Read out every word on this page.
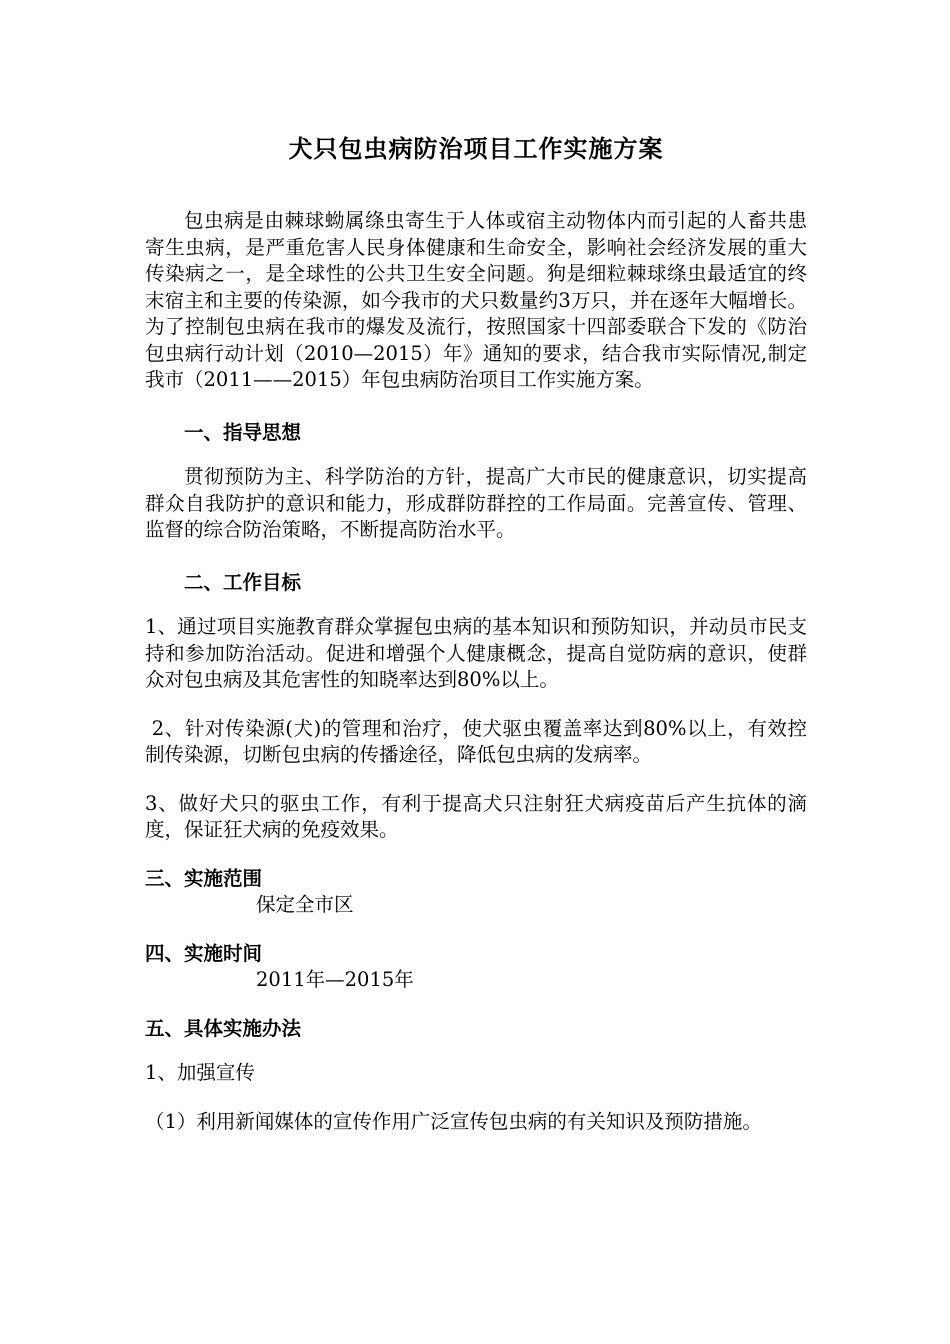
犬只包虫病防治项目工作实施方案

包虫病是由棘球蚴属绦虫寄生于人体或宿主动物体内而引起的人畜共患寄生虫病，是严重危害人民身体健康和生命安全，影响社会经济发展的重大传染病之一，是全球性的公共卫生安全问题。狗是细粒棘球绦虫最适宜的终末宿主和主要的传染源，如今我市的犬只数量约3万只，并在逐年大幅增长。为了控制包虫病在我市的爆发及流行，按照国家十四部委联合下发的《防治包虫病行动计划（2010—2015）年》通知的要求，结合我市实际情况,制定我市（2011——2015）年包虫病防治项目工作实施方案。

一、指导思想

贯彻预防为主、科学防治的方针，提高广大市民的健康意识，切实提高群众自我防护的意识和能力，形成群防群控的工作局面。完善宣传、管理、监督的综合防治策略，不断提高防治水平。

二、工作目标

1、通过项目实施教育群众掌握包虫病的基本知识和预防知识，并动员市民支持和参加防治活动。促进和增强个人健康概念，提高自觉防病的意识，使群众对包虫病及其危害性的知晓率达到80%以上。

2、针对传染源(犬)的管理和治疗，使犬驱虫覆盖率达到80%以上，有效控制传染源，切断包虫病的传播途径，降低包虫病的发病率。

3、做好犬只的驱虫工作，有利于提高犬只注射狂犬病疫苗后产生抗体的滴度，保证狂犬病的免疫效果。

三、实施范围
保定全市区
四、实施时间
2011年—2015年
五、具体实施办法

1、加强宣传

（1）利用新闻媒体的宣传作用广泛宣传包虫病的有关知识及预防措施。
